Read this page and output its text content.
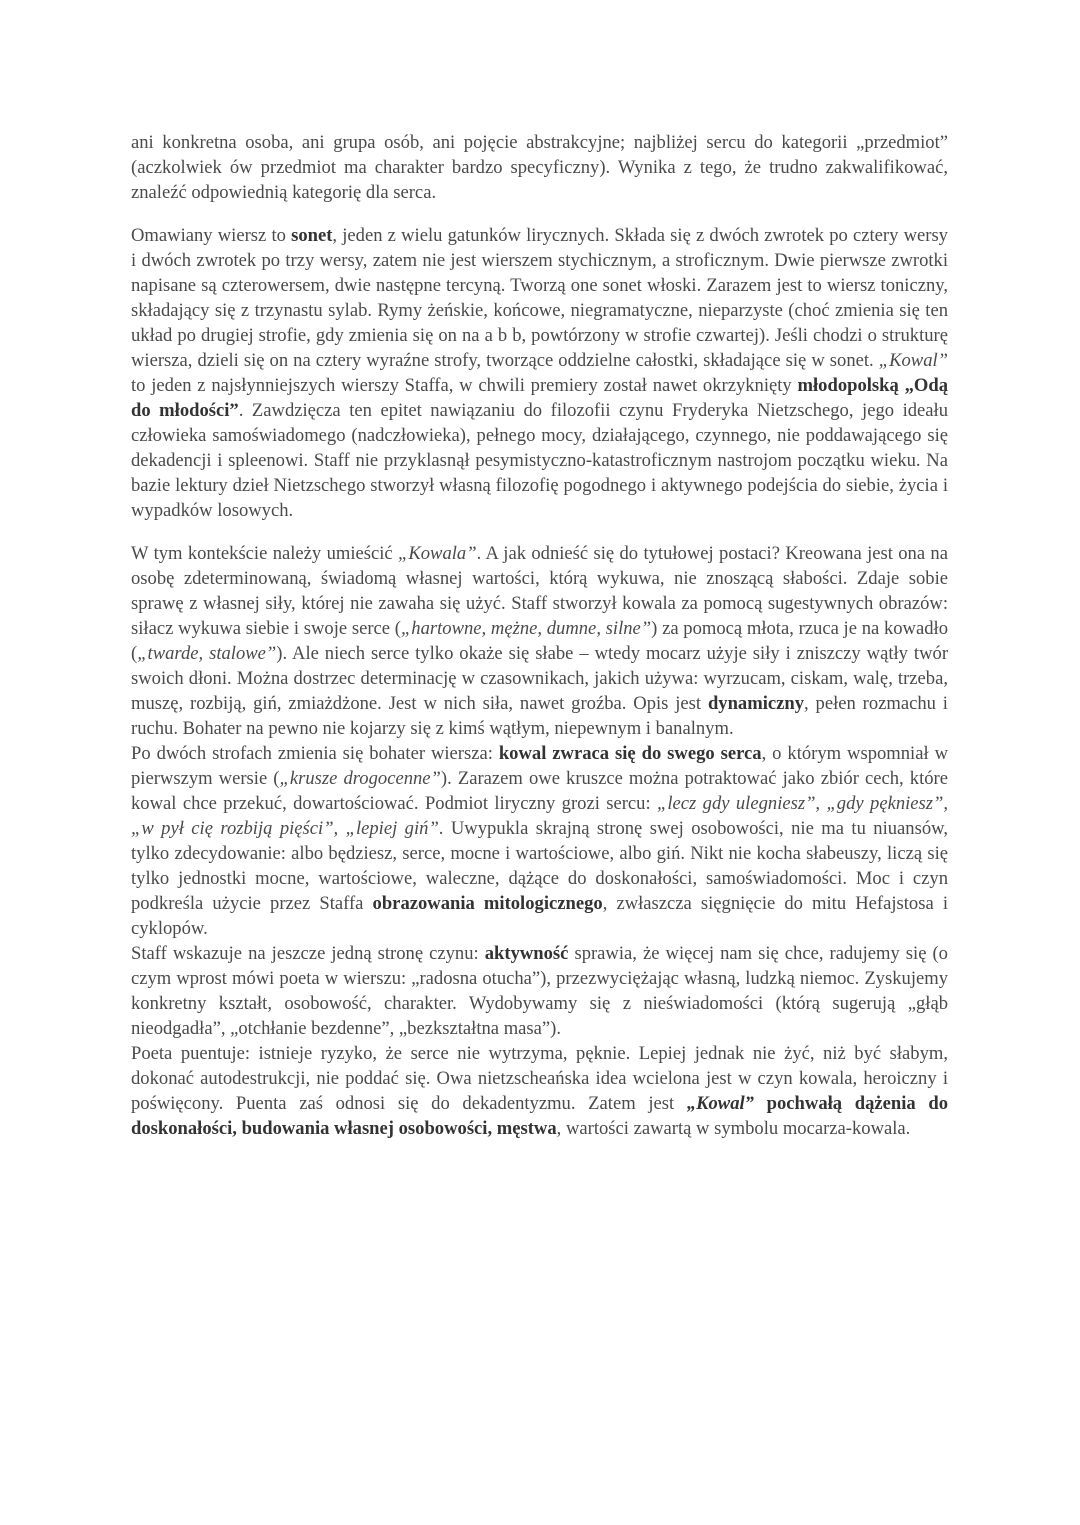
ani konkretna osoba, ani grupa osób, ani pojęcie abstrakcyjne; najbliżej sercu do kategorii „przedmiot” (aczkolwiek ów przedmiot ma charakter bardzo specyficzny). Wynika z tego, że trudno zakwalifikować, znaleźć odpowiednią kategorię dla serca.

Omawiany wiersz to sonet, jeden z wielu gatunków lirycznych. Składa się z dwóch zwrotek po cztery wersy i dwóch zwrotek po trzy wersy, zatem nie jest wierszem stychicznym, a stroficznym. Dwie pierwsze zwrotki napisane są czterowersem, dwie następne tercyną. Tworzą one sonet włoski. Zarazem jest to wiersz toniczny, składający się z trzynastu sylab. Rymy żeńskie, końcowe, niegramatyczne, nieparzyste (choć zmienia się ten układ po drugiej strofie, gdy zmienia się on na a b b, powtórzony w strofie czwartej). Jeśli chodzi o strukturę wiersza, dzieli się on na cztery wyraźne strofy, tworzące oddzielne całostki, składające się w sonet. „Kowal” to jeden z najsłynniejszych wierszy Staffa, w chwili premiery został nawet okrzyknięty młodopolską „Odą do młodości”. Zawdzięcza ten epitet nawiązaniu do filozofii czynu Fryderyka Nietzschego, jego ideału człowieka samoświadomego (nadczłowieka), pełnego mocy, działającego, czynnego, nie poddawającego się dekadencji i spleenowi. Staff nie przyklasnął pesymistyczno-katastroficznym nastrojom początku wieku. Na bazie lektury dzieł Nietzschego stworzył własną filozofię pogodnego i aktywnego podejścia do siebie, życia i wypadków losowych.

W tym kontekście należy umieścić „Kowala”. A jak odnieść się do tytułowej postaci? Kreowana jest ona na osobę zdeterminowaną, świadomą własnej wartości, którą wykuwa, nie znoszącą słabości. Zdaje sobie sprawę z własnej siły, której nie zawaha się użyć. Staff stworzył kowala za pomocą sugestywnych obrazów: siłacz wykuwa siebie i swoje serce („hartowne, mężne, dumne, silne”) za pomocą młota, rzuca je na kowadło („twarde, stalowe”). Ale niech serce tylko okaże się słabe – wtedy mocarz użyje siły i zniszczy wątły twór swoich dłoni. Można dostrzec determinację w czasownikach, jakich używa: wyrzucam, ciskam, walę, trzeba, muszę, rozbiją, giń, zmiażdżone. Jest w nich siła, nawet groźba. Opis jest dynamiczny, pełen rozmachu i ruchu. Bohater na pewno nie kojarzy się z kimś wątłym, niepewnym i banalnym.

Po dwóch strofach zmienia się bohater wiersza: kowal zwraca się do swego serca, o którym wspomniał w pierwszym wersie („krusze drogocenne”). Zarazem owe kruszce można potraktować jako zbiór cech, które kowal chce przekuć, dowartościować. Podmiot liryczny grozi sercu: „lecz gdy ulegniesz”, „gdy pękniesz”, „w pył cię rozbiją pięści”, „lepiej giń”. Uwypukla skrajną stronę swej osobowości, nie ma tu niuansów, tylko zdecydowanie: albo będziesz, serce, mocne i wartościowe, albo giń. Nikt nie kocha słabeuszy, liczą się tylko jednostki mocne, wartościowe, waleczne, dążące do doskonałości, samoświadomości. Moc i czyn podkreśla użycie przez Staffa obrazowania mitologicznego, zwłaszcza sięgnięcie do mitu Hefajstosa i cyklopów.

Staff wskazuje na jeszcze jedną stronę czynu: aktywność sprawia, że więcej nam się chce, radujemy się (o czym wprost mówi poeta w wierszu: „radosna otucha”), przezwyciężając własną, ludzką niemoc. Zyskujemy konkretny kształt, osobowość, charakter. Wydobywamy się z nieświadomości (którą sugerują „głąb nieodgadła”, „otchłanie bezdenne”, „bezkształtna masa”).

Poeta puentuje: istnieje ryzyko, że serce nie wytrzyma, pęknie. Lepiej jednak nie żyć, niż być słabym, dokonać autodestrukcji, nie poddać się. Owa nietzscheańska idea wcielona jest w czyn kowala, heroiczny i poświęcony. Puenta zaś odnosi się do dekadentyzmu. Zatem jest „Kowal” pochwałą dążenia do doskonałości, budowania własnej osobowości, męstwa, wartości zawartą w symbolu mocarza-kowala.
